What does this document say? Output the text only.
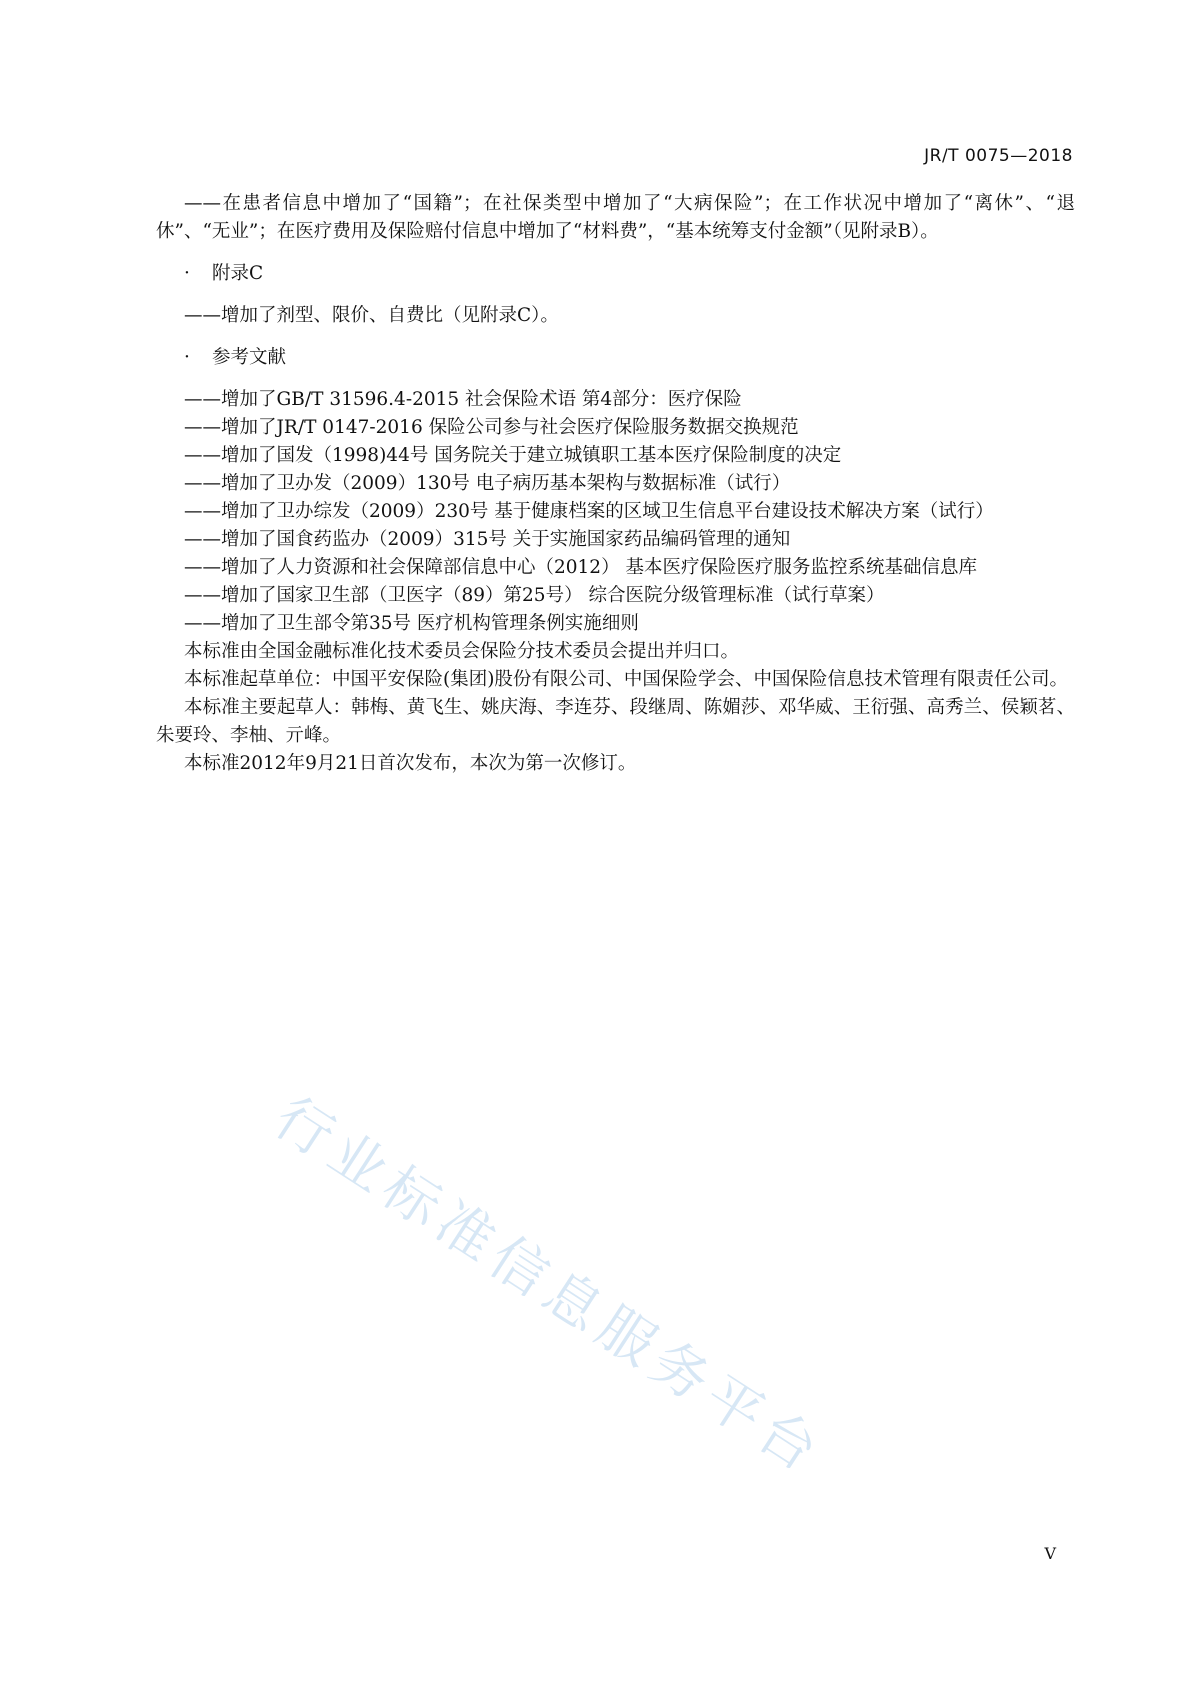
JR/T 0075—2018
行业标准信息服务平台

——在患者信息中增加了“国籍”；在社保类型中增加了“大病保险”；在工作状况中增加了“离休”、“退休”、“无业”；在医疗费用及保险赔付信息中增加了“材料费”，“基本统筹支付金额”（见附录B）。

· 附录C

——增加了剂型、限价、自费比（见附录C）。

· 参考文献

——增加了GB/T 31596.4-2015 社会保险术语 第4部分：医疗保险

——增加了JR/T 0147-2016 保险公司参与社会医疗保险服务数据交换规范

——增加了国发（1998)44号 国务院关于建立城镇职工基本医疗保险制度的决定

——增加了卫办发（2009）130号 电子病历基本架构与数据标准（试行）

——增加了卫办综发（2009）230号 基于健康档案的区域卫生信息平台建设技术解决方案（试行）

——增加了国食药监办（2009）315号 关于实施国家药品编码管理的通知

——增加了人力资源和社会保障部信息中心（2012） 基本医疗保险医疗服务监控系统基础信息库

——增加了国家卫生部（卫医字（89）第25号） 综合医院分级管理标准（试行草案）

——增加了卫生部令第35号 医疗机构管理条例实施细则

本标准由全国金融标准化技术委员会保险分技术委员会提出并归口。

本标准起草单位：中国平安保险(集团)股份有限公司、中国保险学会、中国保险信息技术管理有限责任公司。

本标准主要起草人：韩梅、黄飞生、姚庆海、李连芬、段继周、陈媚莎、邓华威、王衍强、高秀兰、侯颖茗、朱要玲、李柚、亓峰。

本标准2012年9月21日首次发布，本次为第一次修订。

V
